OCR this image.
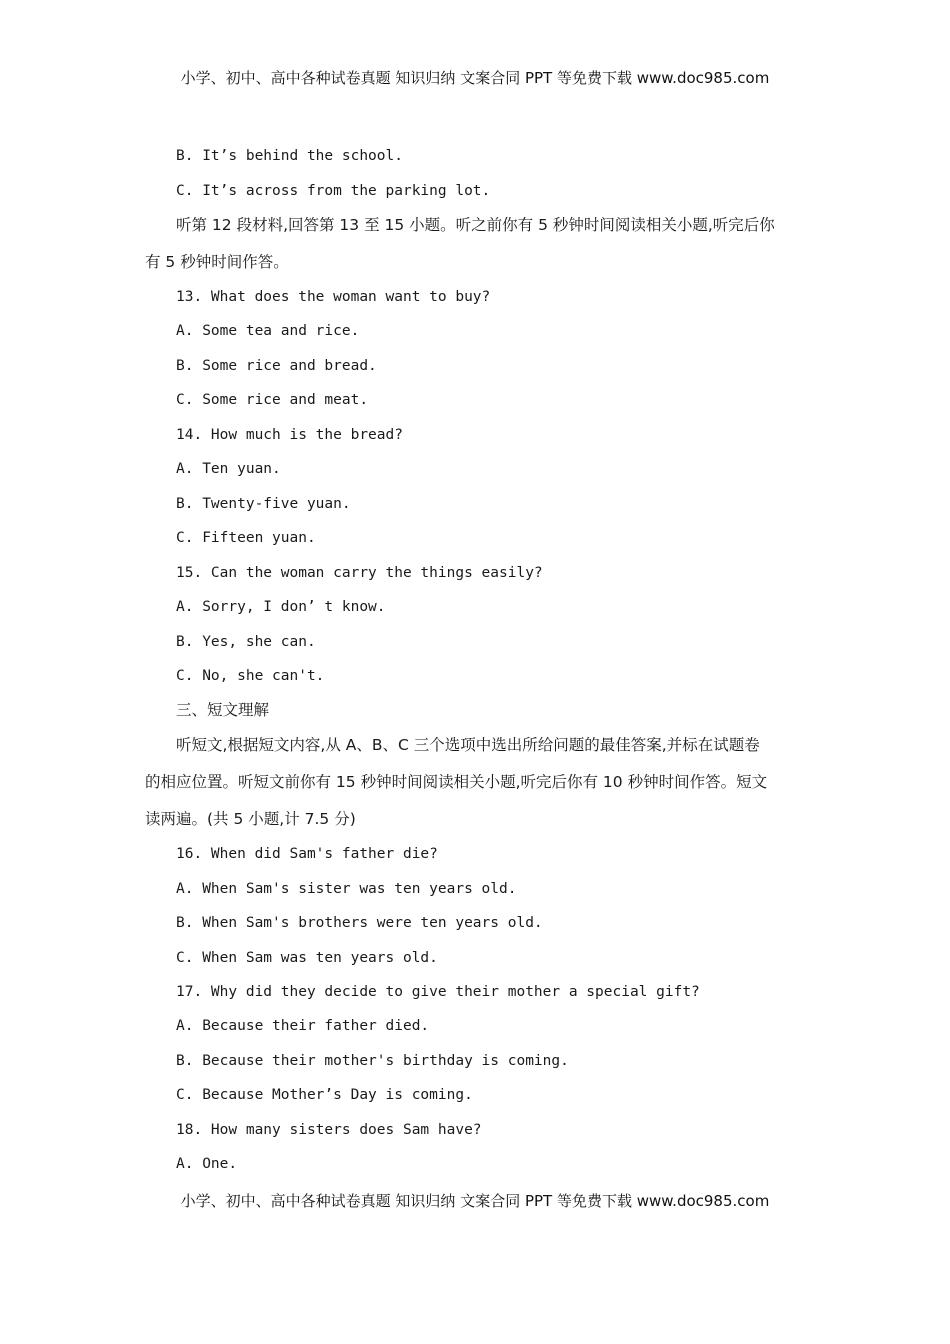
小学、初中、高中各种试卷真题 知识归纳 文案合同 PPT 等免费下载 www.doc985.com
B. It’s behind the school.
C. It’s across from the parking lot.
听第 12 段材料,回答第 13 至 15 小题。听之前你有 5 秒钟时间阅读相关小题,听完后你
有 5 秒钟时间作答。
13. What does the woman want to buy?
A. Some tea and rice.
B. Some rice and bread.
C. Some rice and meat.
14. How much is the bread?
A. Ten yuan.
B. Twenty-five yuan.
C. Fifteen yuan.
15. Can the woman carry the things easily?
A. Sorry, I don’ t know.
B. Yes, she can.
C. No, she can't.
三、短文理解
听短文,根据短文内容,从 A、B、C 三个选项中选出所给问题的最佳答案,并标在试题卷
的相应位置。听短文前你有 15 秒钟时间阅读相关小题,听完后你有 10 秒钟时间作答。短文
读两遍。(共 5 小题,计 7.5 分)
16. When did Sam's father die?
A. When Sam's sister was ten years old.
B. When Sam's brothers were ten years old.
C. When Sam was ten years old.
17. Why did they decide to give their mother a special gift?
A. Because their father died.
B. Because their mother's birthday is coming.
C. Because Mother’s Day is coming.
18. How many sisters does Sam have?
A. One.
小学、初中、高中各种试卷真题 知识归纳 文案合同 PPT 等免费下载 www.doc985.com
